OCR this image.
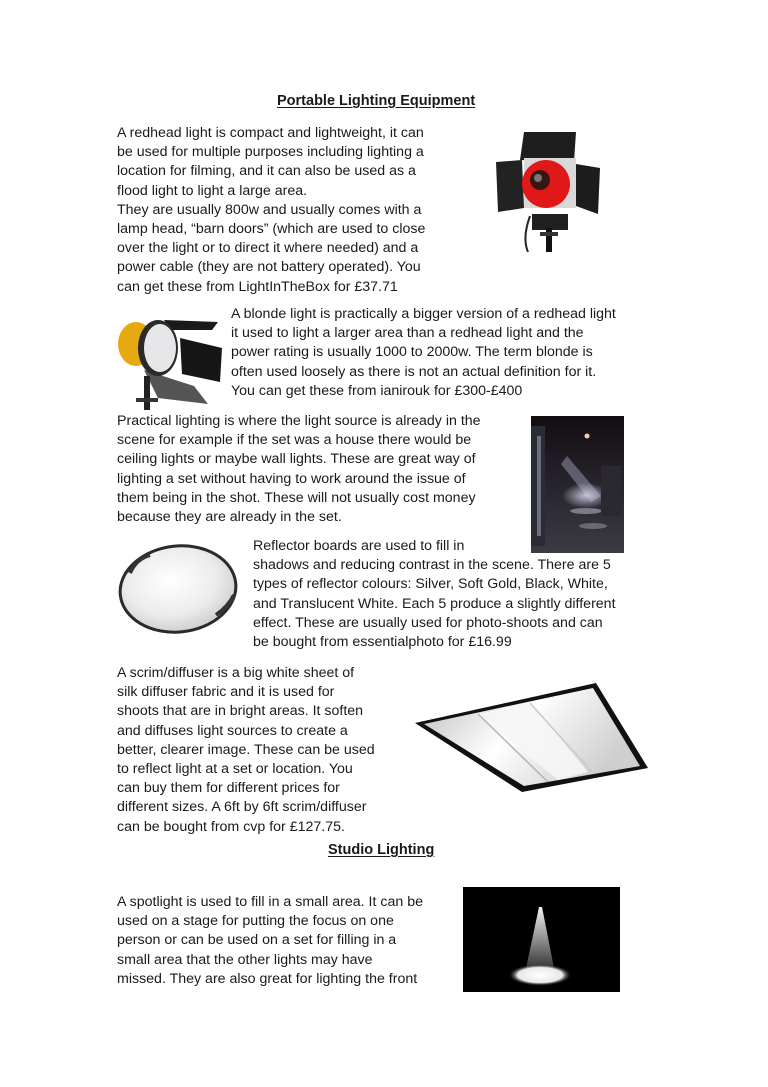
Portable Lighting Equipment
A redhead light is compact and lightweight, it can
be used for multiple purposes including lighting a
location for filming, and it can also be used as a
flood light to light a large area.
They are usually 800w and usually comes with a
lamp head, “barn doors” (which are used to close
over the light or to direct it where needed) and a
power cable (they are not battery operated). You
can get these from LightInTheBox for £37.71
A blonde light is practically a bigger version of a redhead light
it used to light a larger area than a redhead light and the
power rating is usually 1000 to 2000w. The term blonde is
often used loosely as there is not an actual definition for it.
You can get these from ianirouk for £300-£400
Practical lighting is where the light source is already in the
scene for example if the set was a house there would be
ceiling lights or maybe wall lights. These are great way of
lighting a set without having to work around the issue of
them being in the shot. These will not usually cost money
because they are already in the set.
Reflector boards are used to fill in
shadows and reducing contrast in the scene. There are 5
types of reflector colours: Silver, Soft Gold, Black, White,
and Translucent White. Each 5 produce a slightly different
effect. These are usually used for photo-shoots and can
be bought from essentialphoto for £16.99
A scrim/diffuser is a big white sheet of
silk diffuser fabric and it is used for
shoots that are in bright areas. It soften
and diffuses light sources to create a
better, clearer image. These can be used
to reflect light at a set or location. You
can buy them for different prices for
different sizes. A 6ft by 6ft scrim/diffuser
can be bought from cvp for £127.75.
Studio Lighting
A spotlight is used to fill in a small area. It can be
used on a stage for putting the focus on one
person or can be used on a set for filling in a
small area that the other lights may have
missed. They are also great for lighting the front
